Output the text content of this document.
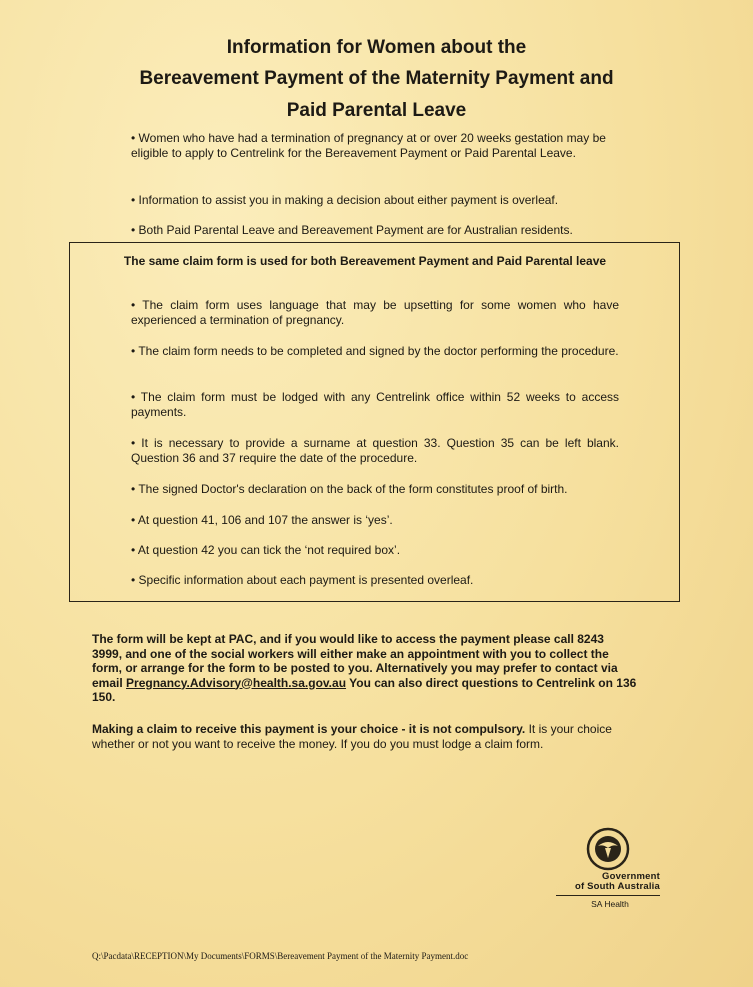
Information for Women about the
Bereavement Payment of the Maternity Payment and
Paid Parental Leave

• Women who have had a termination of pregnancy at or over 20 weeks gestation may be eligible to apply to Centrelink for the Bereavement Payment or Paid Parental Leave.

• Information to assist you in making a decision about either payment is overleaf.

• Both Paid Parental Leave and Bereavement Payment are for Australian residents.

The same claim form is used for both Bereavement Payment and Paid Parental leave

• The claim form uses language that may be upsetting for some women who have experienced a termination of pregnancy.

• The claim form needs to be completed and signed by the doctor performing the procedure.

• The claim form must be lodged with any Centrelink office within 52 weeks to access payments.

• It is necessary to provide a surname at question 33. Question 35 can be left blank. Question 36 and 37 require the date of the procedure.

• The signed Doctor's declaration on the back of the form constitutes proof of birth.

• At question 41, 106 and 107 the answer is ‘yes’.

• At question 42 you can tick the ‘not required box’.

• Specific information about each payment is presented overleaf.

The form will be kept at PAC, and if you would like to access the payment please call 8243 3999, and one of the social workers will either make an appointment with you to collect the form, or arrange for the form to be posted to you. Alternatively you may prefer to contact via email Pregnancy.Advisory@health.sa.gov.au You can also direct questions to Centrelink on 136 150.

Making a claim to receive this payment is your choice - it is not compulsory. It is your choice whether or not you want to receive the money. If you do you must lodge a claim form.

Government
of South Australia
SA Health
Q:\Pacdata\RECEPTION\My Documents\FORMS\Bereavement Payment of the Maternity Payment.doc
